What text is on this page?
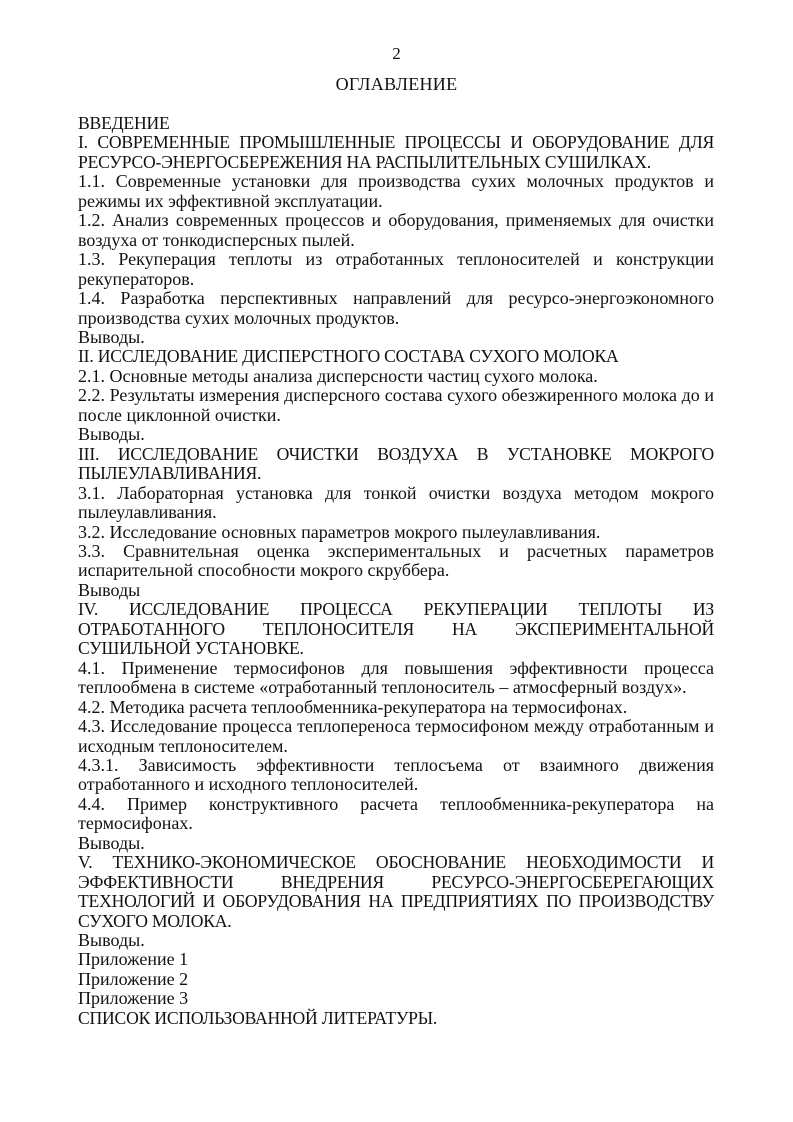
2
ОГЛАВЛЕНИЕ
ВВЕДЕНИЕ
I. СОВРЕМЕННЫЕ ПРОМЫШЛЕННЫЕ ПРОЦЕССЫ И ОБОРУДОВАНИЕ ДЛЯ РЕСУРСО-ЭНЕРГОСБЕРЕЖЕНИЯ НА РАСПЫЛИТЕЛЬНЫХ СУШИЛКАХ.
1.1. Современные установки для производства сухих молочных продуктов и режимы их эффективной эксплуатации.
1.2. Анализ современных процессов и оборудования, применяемых для очистки воздуха от тонкодисперсных пылей.
1.3. Рекуперация теплоты из отработанных теплоносителей и конструкции рекуператоров.
1.4. Разработка перспективных направлений для ресурсо-энергоэкономного производства сухих молочных продуктов.
Выводы.
II. ИССЛЕДОВАНИЕ ДИСПЕРСТНОГО СОСТАВА СУХОГО МОЛОКА
2.1. Основные методы анализа дисперсности частиц сухого молока.
2.2. Результаты измерения дисперсного состава сухого обезжиренного молока до и после циклонной очистки.
Выводы.
III. ИССЛЕДОВАНИЕ ОЧИСТКИ ВОЗДУХА В УСТАНОВКЕ МОКРОГО ПЫЛЕУЛАВЛИВАНИЯ.
3.1. Лабораторная установка для тонкой очистки воздуха методом мокрого пылеулавливания.
3.2. Исследование основных параметров мокрого пылеулавливания.
3.3. Сравнительная оценка экспериментальных и расчетных параметров испарительной способности мокрого скруббера.
Выводы
IV. ИССЛЕДОВАНИЕ ПРОЦЕССА РЕКУПЕРАЦИИ ТЕПЛОТЫ ИЗ ОТРАБОТАННОГО ТЕПЛОНОСИТЕЛЯ НА ЭКСПЕРИМЕНТАЛЬНОЙ СУШИЛЬНОЙ УСТАНОВКЕ.
4.1. Применение термосифонов для повышения эффективности процесса теплообмена в системе «отработанный теплоноситель – атмосферный воздух».
4.2. Методика расчета теплообменника-рекуператора на термосифонах.
4.3. Исследование процесса теплопереноса термосифоном между отработанным и исходным теплоносителем.
4.3.1. Зависимость эффективности теплосъема от взаимного движения отработанного и исходного теплоносителей.
4.4. Пример конструктивного расчета теплообменника-рекуператора на термосифонах.
Выводы.
V. ТЕХНИКО-ЭКОНОМИЧЕСКОЕ ОБОСНОВАНИЕ НЕОБХОДИМОСТИ И ЭФФЕКТИВНОСТИ ВНЕДРЕНИЯ РЕСУРСО-ЭНЕРГОСБЕРЕГАЮЩИХ ТЕХНОЛОГИЙ И ОБОРУДОВАНИЯ НА ПРЕДПРИЯТИЯХ ПО ПРОИЗВОДСТВУ СУХОГО МОЛОКА.
Выводы.
Приложение 1
Приложение 2
Приложение 3
СПИСОК ИСПОЛЬЗОВАННОЙ ЛИТЕРАТУРЫ.
